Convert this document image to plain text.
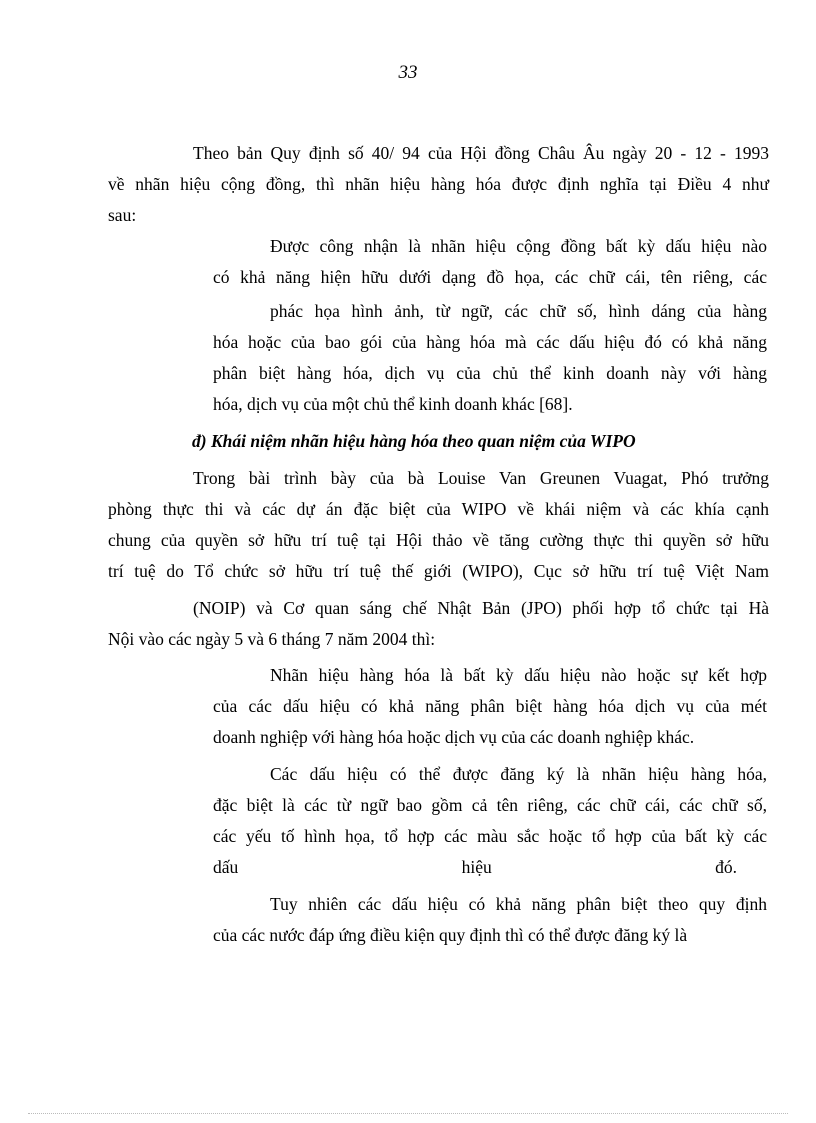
33
Theo bản Quy định số 40/ 94 của Hội đồng Châu Âu ngày 20 - 12 - 1993
về nhãn hiệu cộng đồng, thì nhãn hiệu hàng hóa được định nghĩa tại Điều 4 như
sau:
Được công nhận là nhãn hiệu cộng đồng bất kỳ dấu hiệu nào
có khả năng hiện hữu dưới dạng đồ họa, các chữ cái, tên riêng, các
phác họa hình ảnh, từ ngữ, các chữ số, hình dáng của hàng
hóa hoặc của bao gói của hàng hóa mà các dấu hiệu đó có khả năng
phân biệt hàng hóa, dịch vụ của chủ thể kinh doanh này với hàng
hóa, dịch vụ của một chủ thể kinh doanh khác [68].
đ) Khái niệm nhãn hiệu hàng hóa theo quan niệm của WIPO
Trong bài trình bày của bà Louise Van Greunen Vuagat, Phó trưởng
phòng thực thi và các dự án đặc biệt của WIPO về khái niệm và các khía cạnh
chung của quyền sở hữu trí tuệ tại Hội thảo về tăng cường thực thi quyền sở hữu
trí tuệ do Tổ chức sở hữu trí tuệ thế giới (WIPO), Cục sở hữu trí tuệ Việt Nam
(NOIP) và Cơ quan sáng chế Nhật Bản (JPO) phối hợp tổ chức tại Hà
Nội vào các ngày 5 và 6 tháng 7 năm 2004 thì:
Nhãn hiệu hàng hóa là bất kỳ dấu hiệu nào hoặc sự kết hợp
của các dấu hiệu có khả năng phân biệt hàng hóa dịch vụ của mét
doanh nghiệp với hàng hóa hoặc dịch vụ của các doanh nghiệp khác.
Các dấu hiệu có thể được đăng ký là nhãn hiệu hàng hóa,
đặc biệt là các từ ngữ bao gồm cả tên riêng, các chữ cái, các chữ số,
các yếu tố hình họa, tổ hợp các màu sắc hoặc tổ hợp của bất kỳ các
dấu hiệu đó.
Tuy nhiên các dấu hiệu có khả năng phân biệt theo quy định
của các nước đáp ứng điều kiện quy định thì có thể được đăng ký là
